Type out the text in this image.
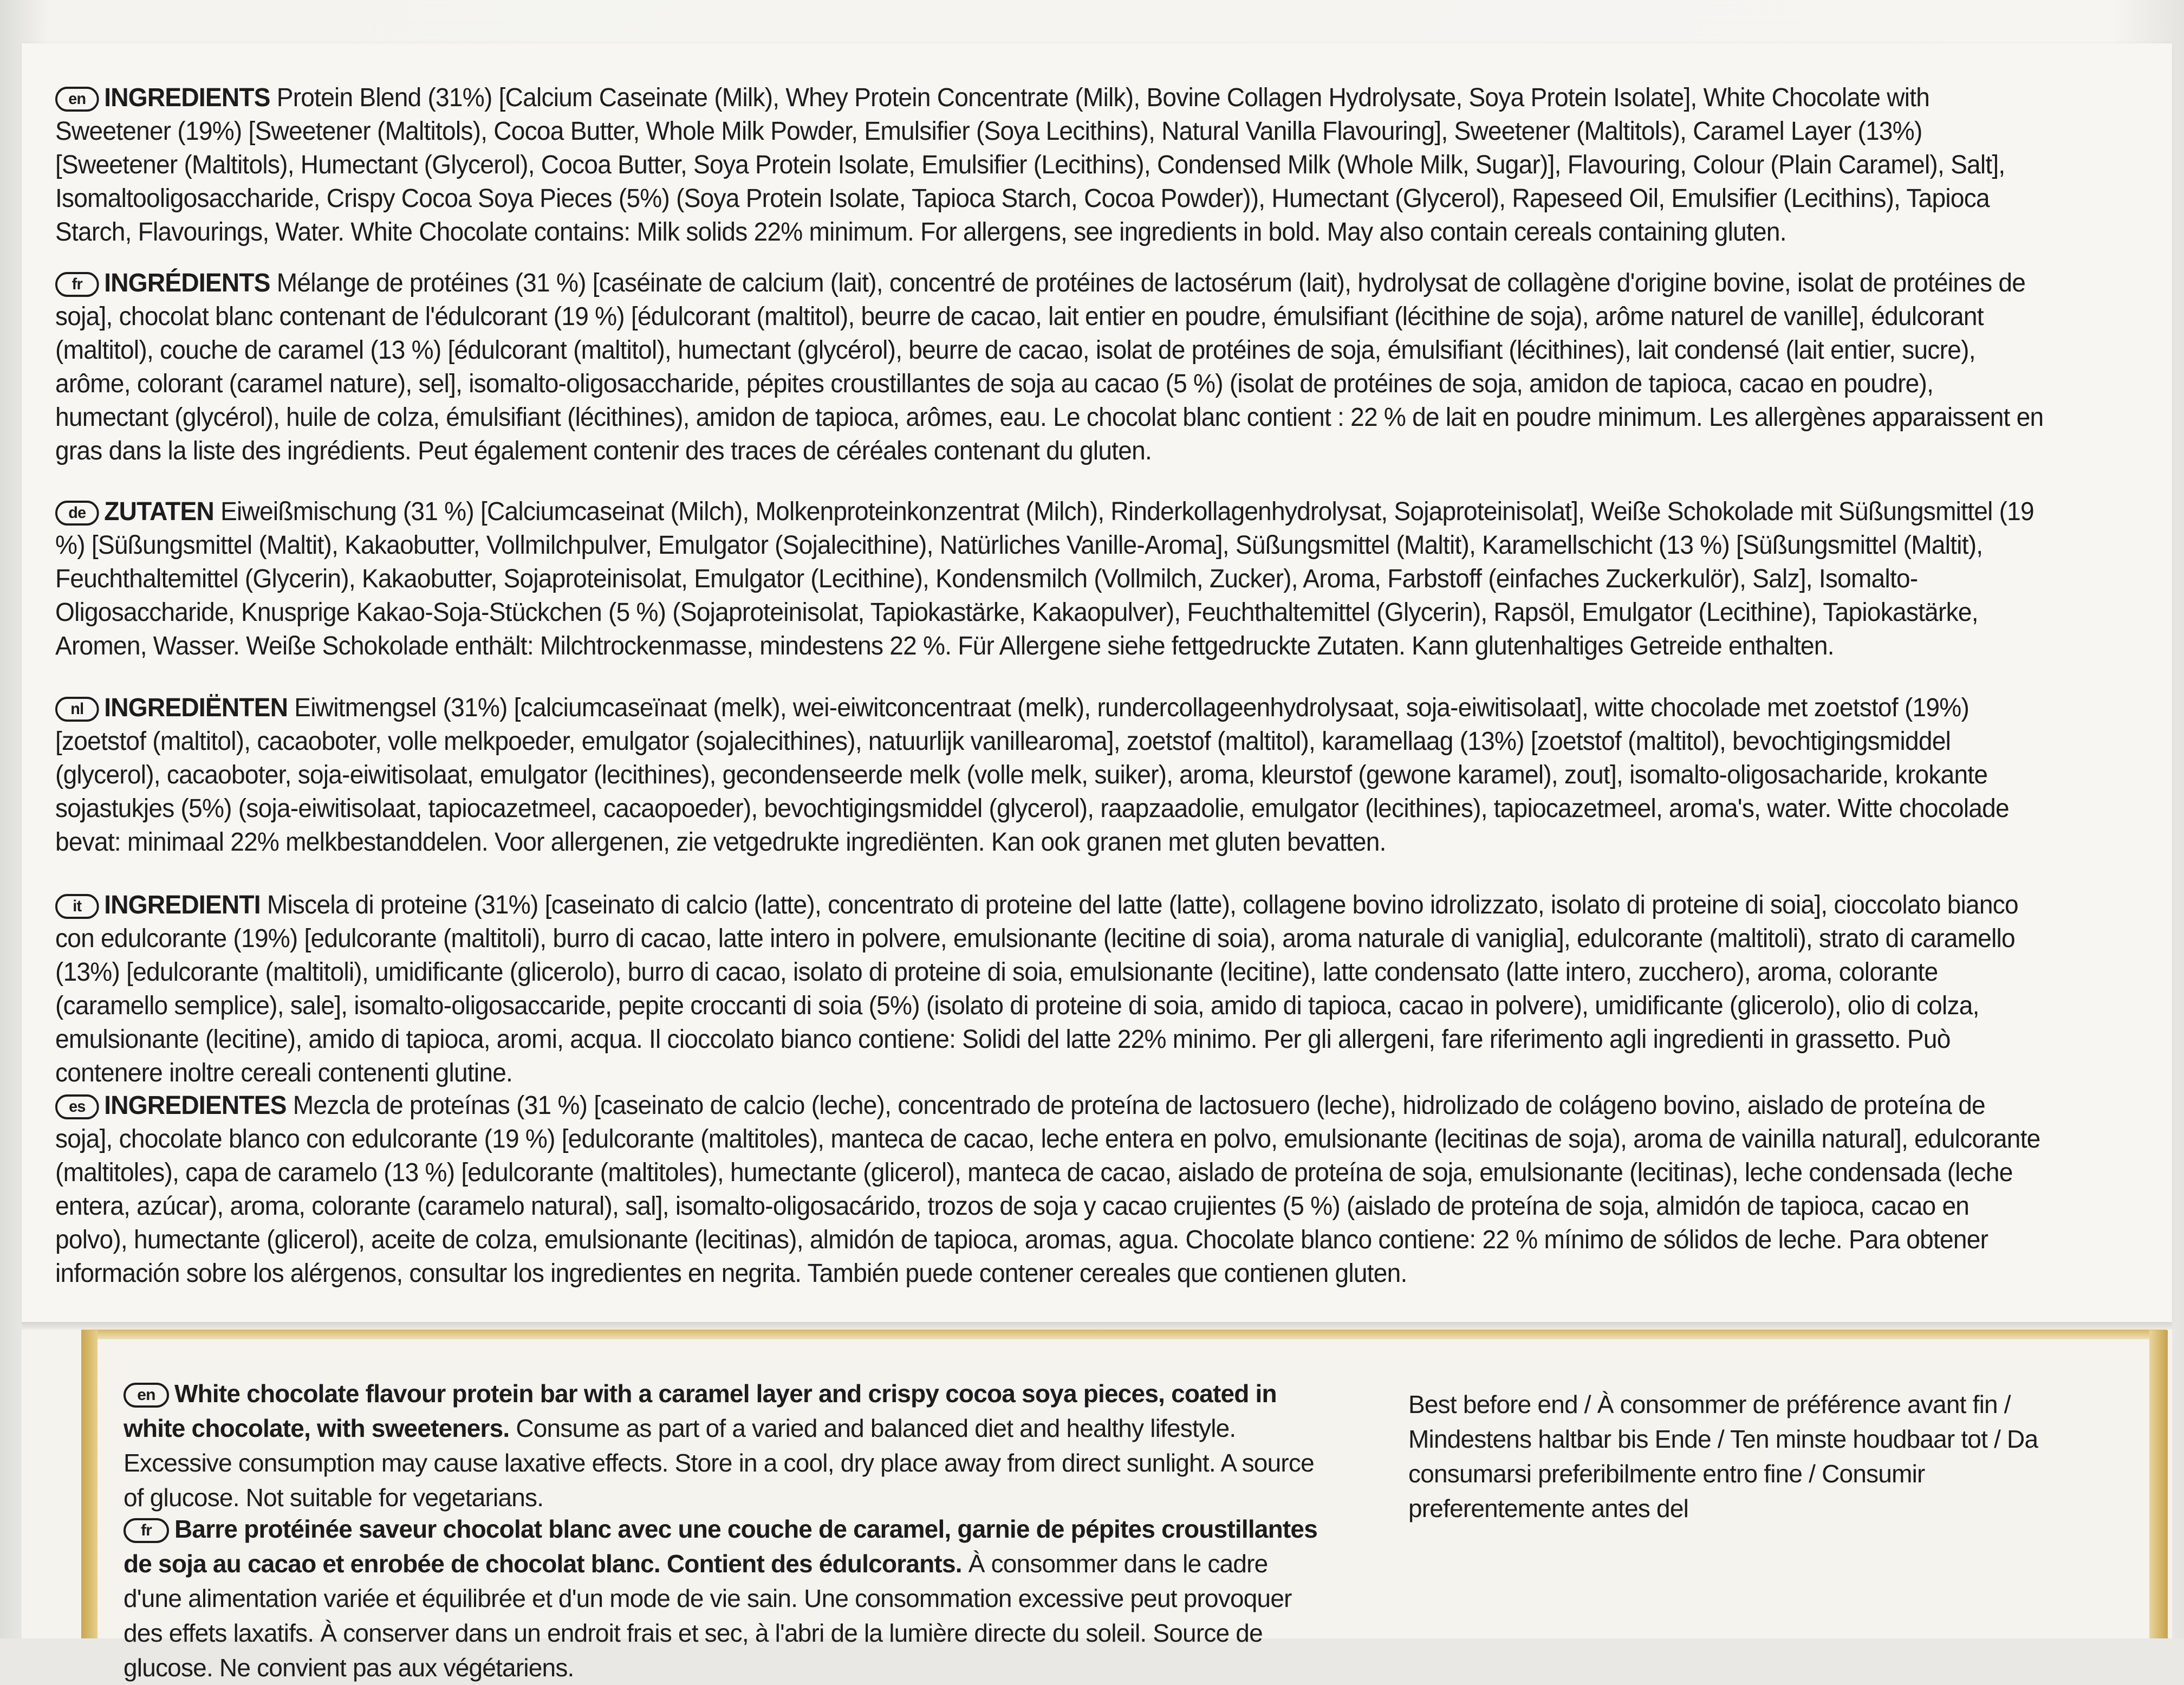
en INGREDIENTS Protein Blend (31%) [Calcium Caseinate (Milk), Whey Protein Concentrate (Milk), Bovine Collagen Hydrolysate, Soya Protein Isolate], White Chocolate with Sweetener (19%) [Sweetener (Maltitols), Cocoa Butter, Whole Milk Powder, Emulsifier (Soya Lecithins), Natural Vanilla Flavouring], Sweetener (Maltitols), Caramel Layer (13%) [Sweetener (Maltitols), Humectant (Glycerol), Cocoa Butter, Soya Protein Isolate, Emulsifier (Lecithins), Condensed Milk (Whole Milk, Sugar)], Flavouring, Colour (Plain Caramel), Salt], Isomaltooligosaccharide, Crispy Cocoa Soya Pieces (5%) (Soya Protein Isolate, Tapioca Starch, Cocoa Powder)), Humectant (Glycerol), Rapeseed Oil, Emulsifier (Lecithins), Tapioca Starch, Flavourings, Water. White Chocolate contains: Milk solids 22% minimum. For allergens, see ingredients in bold. May also contain cereals containing gluten.
fr INGRÉDIENTS Mélange de protéines (31 %) [caséinate de calcium (lait), concentré de protéines de lactosérum (lait), hydrolysat de collagène d'origine bovine, isolat de protéines de soja], chocolat blanc contenant de l'édulcorant (19 %) [édulcorant (maltitol), beurre de cacao, lait entier en poudre, émulsifiant (lécithine de soja), arôme naturel de vanille], édulcorant (maltitol), couche de caramel (13 %) [édulcorant (maltitol), humectant (glycérol), beurre de cacao, isolat de protéines de soja, émulsifiant (lécithines), lait condensé (lait entier, sucre), arôme, colorant (caramel nature), sel], isomalto-oligosaccharide, pépites croustillantes de soja au cacao (5 %) (isolat de protéines de soja, amidon de tapioca, cacao en poudre), humectant (glycérol), huile de colza, émulsifiant (lécithines), amidon de tapioca, arômes, eau. Le chocolat blanc contient : 22 % de lait en poudre minimum. Les allergènes apparaissent en gras dans la liste des ingrédients. Peut également contenir des traces de céréales contenant du gluten.
de ZUTATEN Eiweißmischung (31 %) [Calciumcaseinat (Milch), Molkenproteinkonzentrat (Milch), Rinderkollagenhydrolysat, Sojaproteinisolat], Weiße Schokolade mit Süßungsmittel (19 %) [Süßungsmittel (Maltit), Kakaobutter, Vollmilchpulver, Emulgator (Sojalecithine), Natürliches Vanille-Aroma], Süßungsmittel (Maltit), Karamellschicht (13 %) [Süßungsmittel (Maltit), Feuchthaltemittel (Glycerin), Kakaobutter, Sojaproteinisolat, Emulgator (Lecithine), Kondensmilch (Vollmilch, Zucker), Aroma, Farbstoff (einfaches Zuckerkulör), Salz], Isomalto-Oligosaccharide, Knusprige Kakao-Soja-Stückchen (5 %) (Sojaproteinisolat, Tapiokastärke, Kakaopulver), Feuchthaltemittel (Glycerin), Rapsöl, Emulgator (Lecithine), Tapiokastärke, Aromen, Wasser. Weiße Schokolade enthält: Milchtrockenmasse, mindestens 22 %. Für Allergene siehe fettgedruckte Zutaten. Kann glutenhaltiges Getreide enthalten.
nl INGREDIËNTEN Eiwitmengsel (31%) [calciumcaseïnaat (melk), wei-eiwitconcentraat (melk), rundercollageenhydrolysaat, soja-eiwitisolaat], witte chocolade met zoetstof (19%) [zoetstof (maltitol), cacaoboter, volle melkpoeder, emulgator (sojalecithines), natuurlijk vanillearoma], zoetstof (maltitol), karamellaag (13%) [zoetstof (maltitol), bevochtigingsmiddel (glycerol), cacaoboter, soja-eiwitisolaat, emulgator (lecithines), gecondenseerde melk (volle melk, suiker), aroma, kleurstof (gewone karamel), zout], isomalto-oligosacharide, krokante sojastukjes (5%) (soja-eiwitisolaat, tapiocazetmeel, cacaopoeder), bevochtigingsmiddel (glycerol), raapzaadolie, emulgator (lecithines), tapiocazetmeel, aroma's, water. Witte chocolade bevat: minimaal 22% melkbestanddelen. Voor allergenen, zie vetgedrukte ingrediënten. Kan ook granen met gluten bevatten.
it INGREDIENTI Miscela di proteine (31%) [caseinato di calcio (latte), concentrato di proteine del latte (latte), collagene bovino idrolizzato, isolato di proteine di soia], cioccolato bianco con edulcorante (19%) [edulcorante (maltitoli), burro di cacao, latte intero in polvere, emulsionante (lecitine di soia), aroma naturale di vaniglia], edulcorante (maltitoli), strato di caramello (13%) [edulcorante (maltitoli), umidificante (glicerolo), burro di cacao, isolato di proteine di soia, emulsionante (lecitine), latte condensato (latte intero, zucchero), aroma, colorante (caramello semplice), sale], isomalto-oligosaccaride, pepite croccanti di soia (5%) (isolato di proteine di soia, amido di tapioca, cacao in polvere), umidificante (glicerolo), olio di colza, emulsionante (lecitine), amido di tapioca, aromi, acqua. Il cioccolato bianco contiene: Solidi del latte 22% minimo. Per gli allergeni, fare riferimento agli ingredienti in grassetto. Può contenere inoltre cereali contenenti glutine.
es INGREDIENTES Mezcla de proteínas (31 %) [caseinato de calcio (leche), concentrado de proteína de lactosuero (leche), hidrolizado de colágeno bovino, aislado de proteína de soja], chocolate blanco con edulcorante (19 %) [edulcorante (maltitoles), manteca de cacao, leche entera en polvo, emulsionante (lecitinas de soja), aroma de vainilla natural], edulcorante (maltitoles), capa de caramelo (13 %) [edulcorante (maltitoles), humectante (glicerol), manteca de cacao, aislado de proteína de soja, emulsionante (lecitinas), leche condensada (leche entera, azúcar), aroma, colorante (caramelo natural), sal], isomalto-oligosacárido, trozos de soja y cacao crujientes (5 %) (aislado de proteína de soja, almidón de tapioca, cacao en polvo), humectante (glicerol), aceite de colza, emulsionante (lecitinas), almidón de tapioca, aromas, agua. Chocolate blanco contiene: 22 % mínimo de sólidos de leche. Para obtener información sobre los alérgenos, consultar los ingredientes en negrita. También puede contener cereales que contienen gluten.
en White chocolate flavour protein bar with a caramel layer and crispy cocoa soya pieces, coated in white chocolate, with sweeteners. Consume as part of a varied and balanced diet and healthy lifestyle. Excessive consumption may cause laxative effects. Store in a cool, dry place away from direct sunlight. A source of glucose. Not suitable for vegetarians.
fr Barre protéinée saveur chocolat blanc avec une couche de caramel, garnie de pépites croustillantes de soja au cacao et enrobée de chocolat blanc. Contient des édulcorants. À consommer dans le cadre d'une alimentation variée et équilibrée et d'un mode de vie sain. Une consommation excessive peut provoquer des effets laxatifs. À conserver dans un endroit frais et sec, à l'abri de la lumière directe du soleil. Source de glucose. Ne convient pas aux végétariens.
Best before end / À consommer de préférence avant fin / Mindestens haltbar bis Ende / Ten minste houdbaar tot / Da consumarsi preferibilmente entro fine / Consumir preferentemente antes del
